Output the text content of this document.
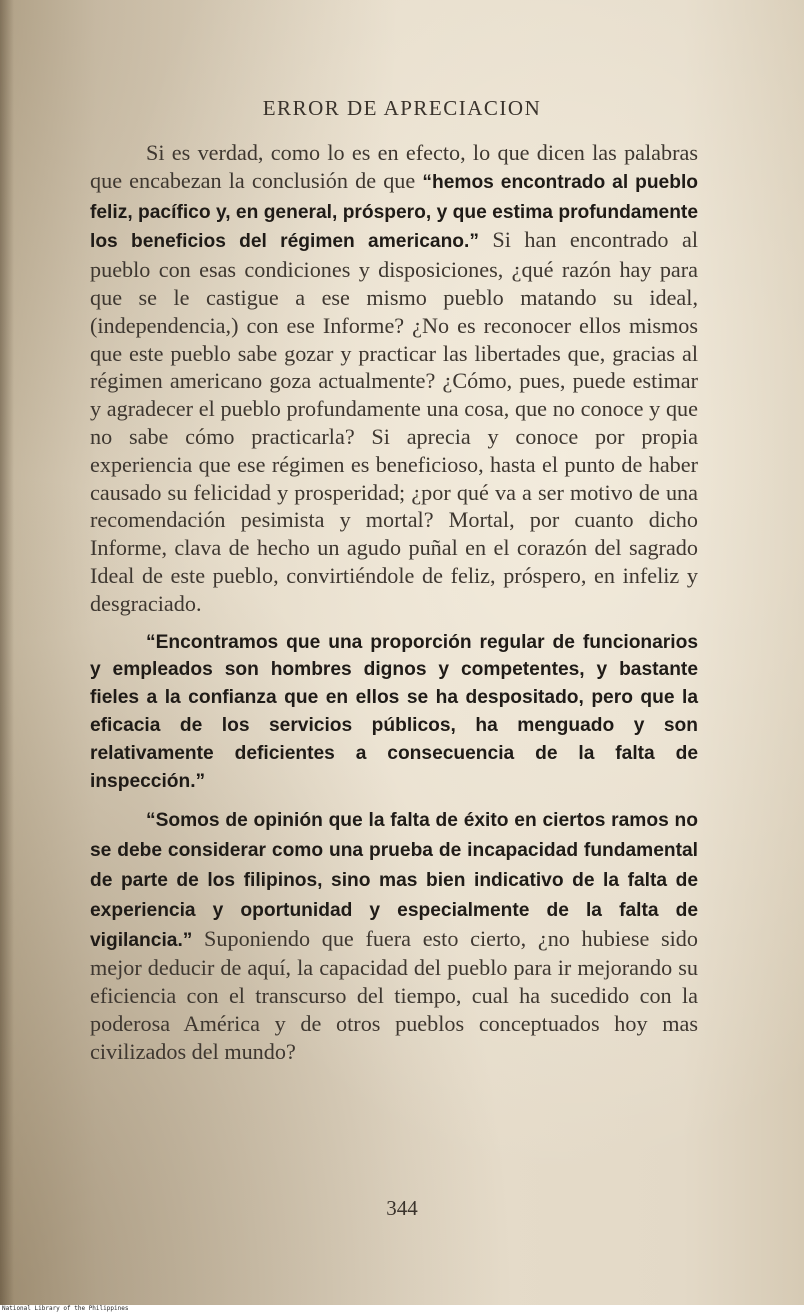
ERROR DE APRECIACION

Si es verdad, como lo es en efecto, lo que dicen las palabras que encabezan la conclusión de que “hemos encontrado al pueblo feliz, pacífico y, en general, próspero, y que estima profundamente los beneficios del régimen americano.” Si han encontrado al pueblo con esas condiciones y disposiciones, ¿qué razón hay para que se le castigue a ese mismo pueblo matando su ideal, (independencia,) con ese Informe? ¿No es reconocer ellos mismos que este pueblo sabe gozar y practicar las libertades que, gracias al régimen americano goza actualmente? ¿Cómo, pues, puede estimar y agradecer el pueblo profundamente una cosa, que no conoce y que no sabe cómo practicarla? Si aprecia y conoce por propia experiencia que ese régimen es beneficioso, hasta el punto de haber causado su felicidad y prosperidad; ¿por qué va a ser motivo de una recomendación pesimista y mortal? Mortal, por cuanto dicho Informe, clava de hecho un agudo puñal en el corazón del sagrado Ideal de este pueblo, convirtiéndole de feliz, próspero, en infeliz y desgraciado.

“Encontramos que una proporción regular de funcionarios y empleados son hombres dignos y competentes, y bastante fieles a la confianza que en ellos se ha despositado, pero que la eficacia de los servicios públicos, ha menguado y son relativamente deficientes a consecuencia de la falta de inspección.”

“Somos de opinión que la falta de éxito en ciertos ramos no se debe considerar como una prueba de incapacidad fundamental de parte de los filipinos, sino mas bien indicativo de la falta de experiencia y oportunidad y especialmente de la falta de vigilancia.” Suponiendo que fuera esto cierto, ¿no hubiese sido mejor deducir de aquí, la capacidad del pueblo para ir mejorando su eficiencia con el transcurso del tiempo, cual ha sucedido con la poderosa América y de otros pueblos conceptuados hoy mas civilizados del mundo?

344
National Library of the Philippines
